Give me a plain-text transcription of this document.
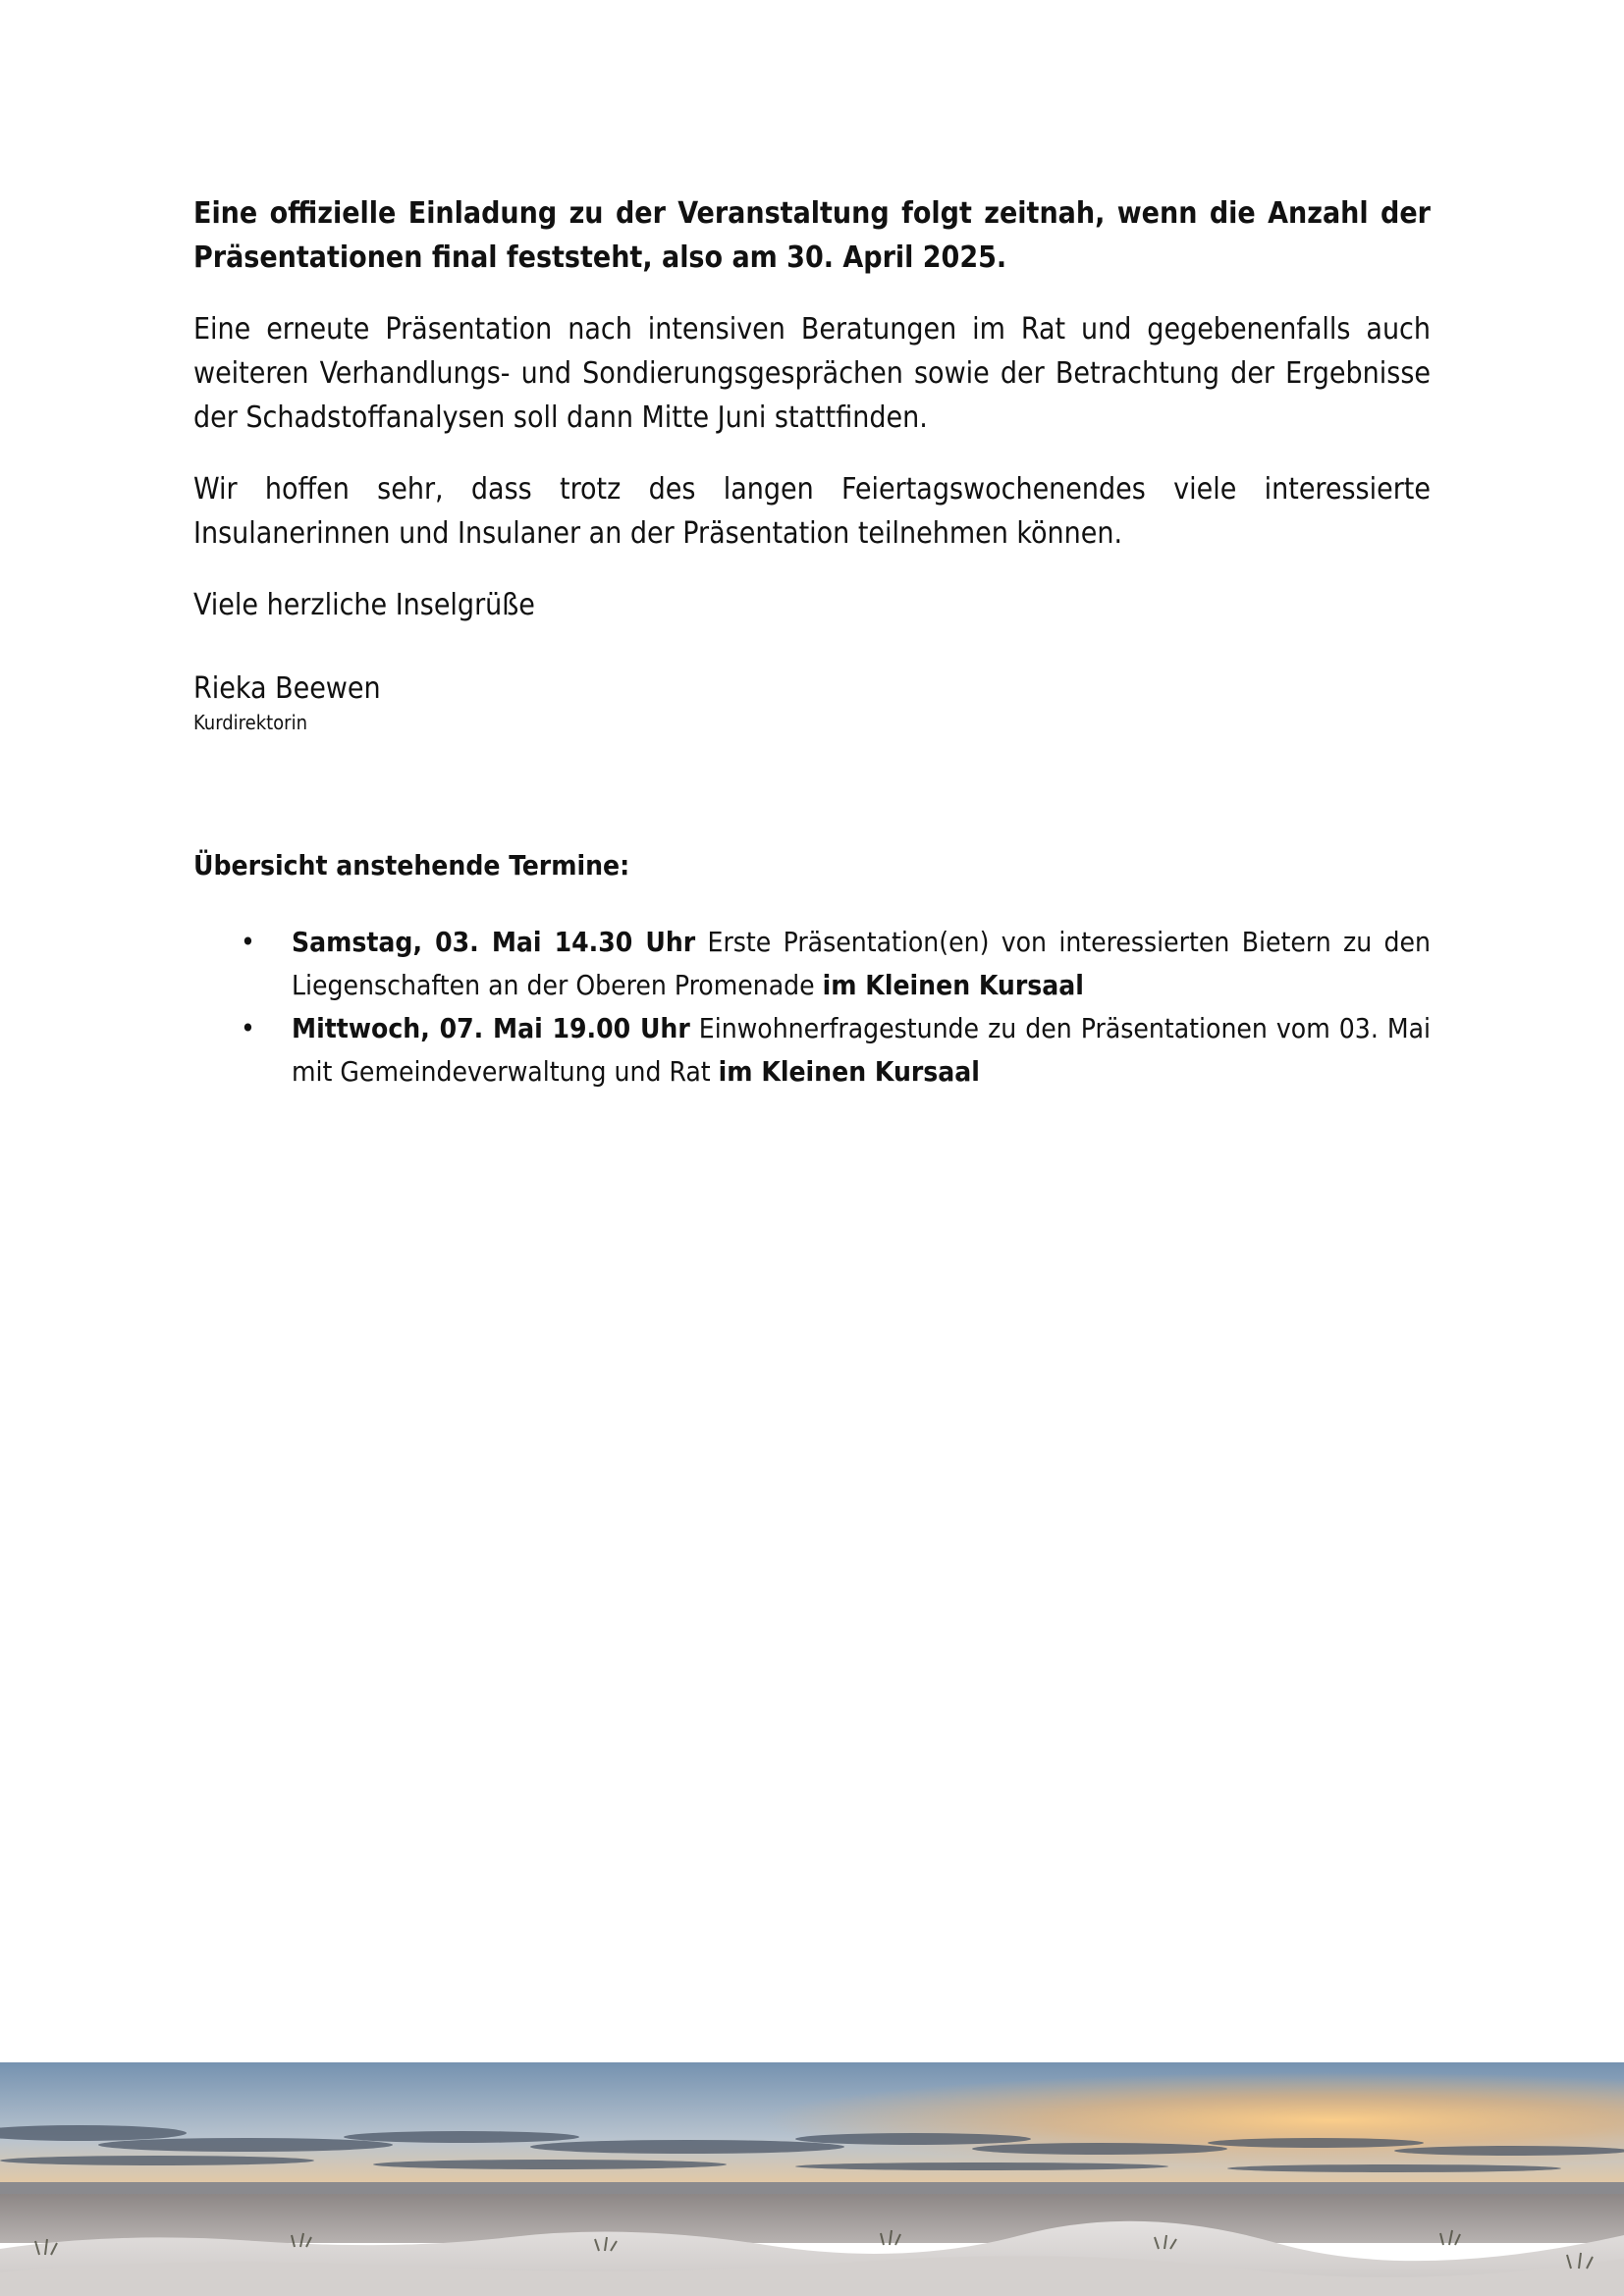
Eine offizielle Einladung zu der Veranstaltung folgt zeitnah, wenn die Anzahl der Präsentationen final feststeht, also am 30. April 2025.

Eine erneute Präsentation nach intensiven Beratungen im Rat und gegebenenfalls auch weiteren Verhandlungs- und Sondierungsgesprächen sowie der Betrachtung der Ergebnisse der Schadstoffanalysen soll dann Mitte Juni stattfinden.

Wir hoffen sehr, dass trotz des langen Feiertagswochenendes viele interessierte Insulanerinnen und Insulaner an der Präsentation teilnehmen können.

Viele herzliche Inselgrüße

Rieka Beewen
Kurdirektorin
Übersicht anstehende Termine:
• Samstag, 03. Mai 14.30 Uhr Erste Präsentation(en) von interessierten Bietern zu den Liegenschaften an der Oberen Promenade im Kleinen Kursaal
• Mittwoch, 07. Mai 19.00 Uhr Einwohnerfragestunde zu den Präsentationen vom 03. Mai mit Gemeindeverwaltung und Rat im Kleinen Kursaal
